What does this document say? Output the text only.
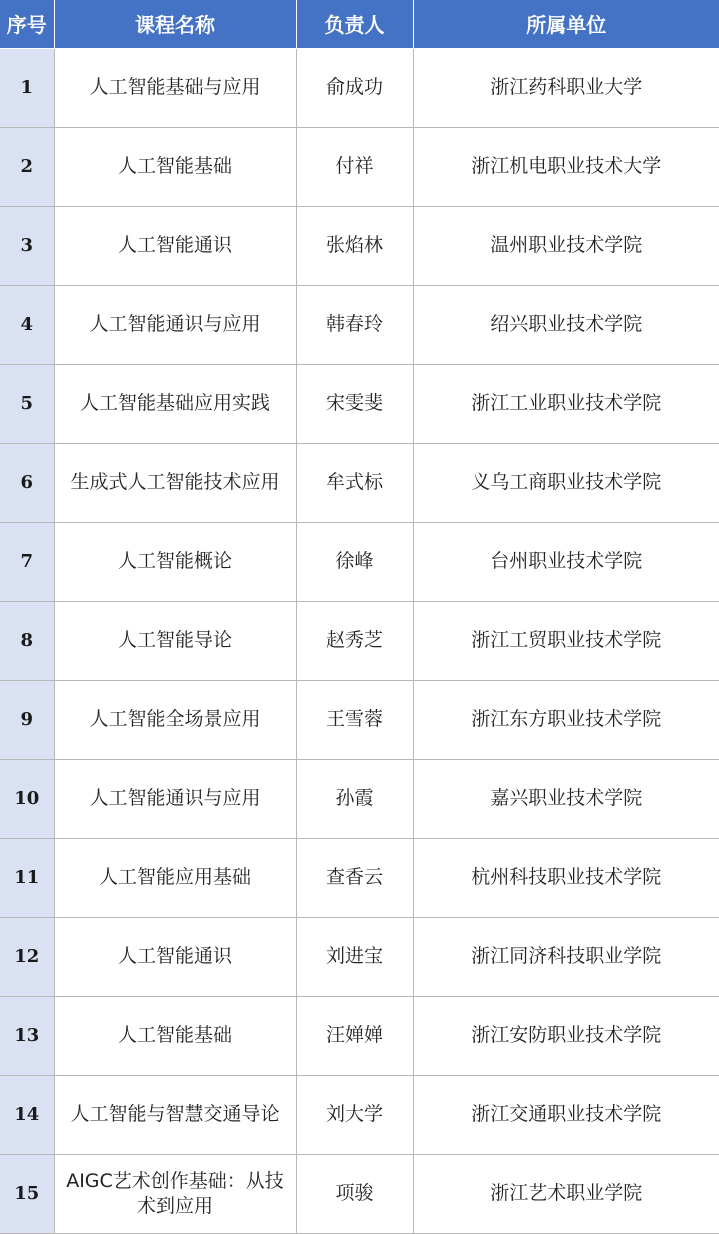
序号	课程名称	负责人	所属单位
1	人工智能基础与应用	俞成功	浙江药科职业大学
2	人工智能基础	付祥	浙江机电职业技术大学
3	人工智能通识	张焰林	温州职业技术学院
4	人工智能通识与应用	韩春玲	绍兴职业技术学院
5	人工智能基础应用实践	宋雯斐	浙江工业职业技术学院
6	生成式人工智能技术应用	牟式标	义乌工商职业技术学院
7	人工智能概论	徐峰	台州职业技术学院
8	人工智能导论	赵秀芝	浙江工贸职业技术学院
9	人工智能全场景应用	王雪蓉	浙江东方职业技术学院
10	人工智能通识与应用	孙霞	嘉兴职业技术学院
11	人工智能应用基础	查香云	杭州科技职业技术学院
12	人工智能通识	刘进宝	浙江同济科技职业学院
13	人工智能基础	汪婵婵	浙江安防职业技术学院
14	人工智能与智慧交通导论	刘大学	浙江交通职业技术学院
15	AIGC艺术创作基础：从技术到应用	项骏	浙江艺术职业学院
